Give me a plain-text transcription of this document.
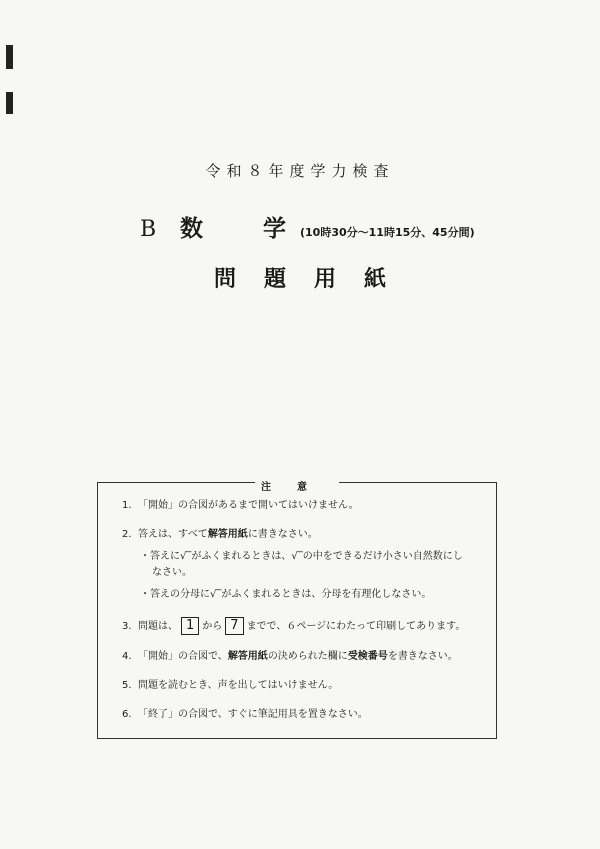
令和８年度学力検査
B	数学
(10時30分〜11時15分、45分間)
問題用紙
注意
1. 「開始」の合図があるまで開いてはいけません。
2. 答えは、すべて解答用紙に書きなさい。
・答えに√‾がふくまれるときは、√‾の中をできるだけ小さい自然数にし
なさい。
・答えの分母に√‾がふくまれるときは、分母を有理化しなさい。
3. 問題は、 1 から 7 までで、６ページにわたって印刷してあります。
4. 「開始」の合図で、解答用紙の決められた欄に受検番号を書きなさい。
5. 問題を読むとき、声を出してはいけません。
6. 「終了」の合図で、すぐに筆記用具を置きなさい。
